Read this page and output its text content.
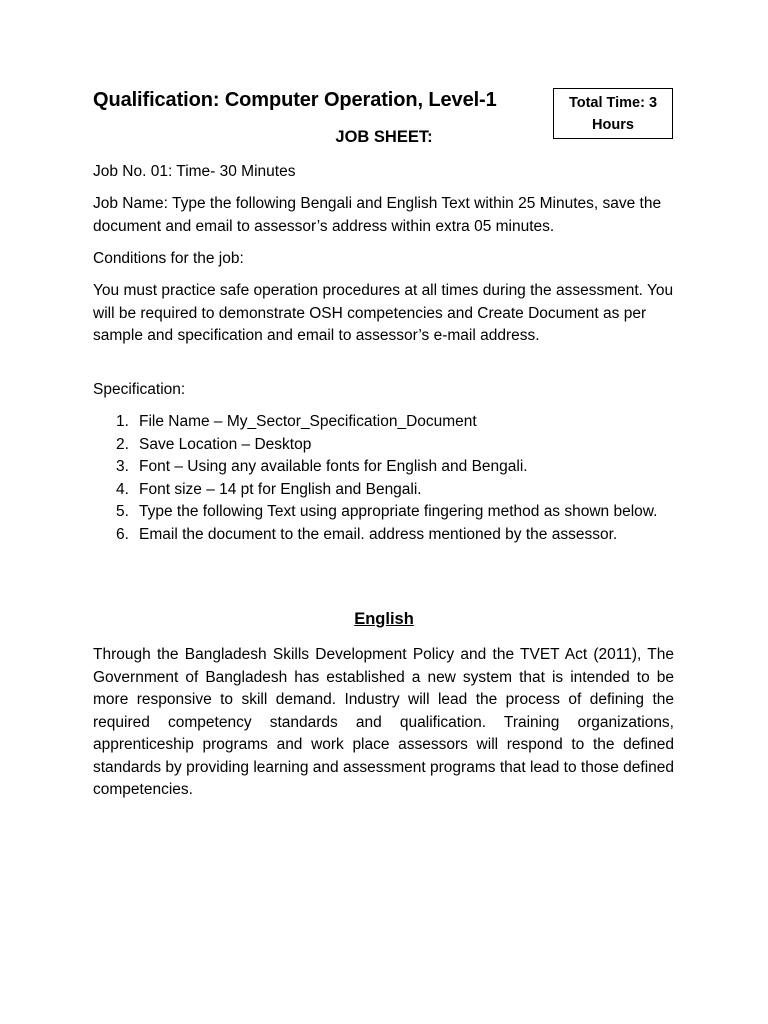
Qualification: Computer Operation, Level-1	Total Time: 3
Hours
JOB SHEET:
Job No. 01: Time- 30 Minutes
Job Name: Type the following Bengali and English Text within 25 Minutes, save the document and email to assessor’s address within extra 05 minutes.
Conditions for the job:
You must practice safe operation procedures at all times during the assessment. You will be required to demonstrate OSH competencies and Create Document as per sample and specification and email to assessor’s e-mail address.
Specification:
1. File Name – My_Sector_Specification_Document
2. Save Location – Desktop
3. Font – Using any available fonts for English and Bengali.
4. Font size – 14 pt for English and Bengali.
5. Type the following Text using appropriate fingering method as shown below.
6. Email the document to the email. address mentioned by the assessor.
English
Through the Bangladesh Skills Development Policy and the TVET Act (2011), The Government of Bangladesh has established a new system that is intended to be more responsive to skill demand. Industry will lead the process of defining the required competency standards and qualification. Training organizations, apprenticeship programs and work place assessors will respond to the defined standards by providing learning and assessment programs that lead to those defined competencies.
